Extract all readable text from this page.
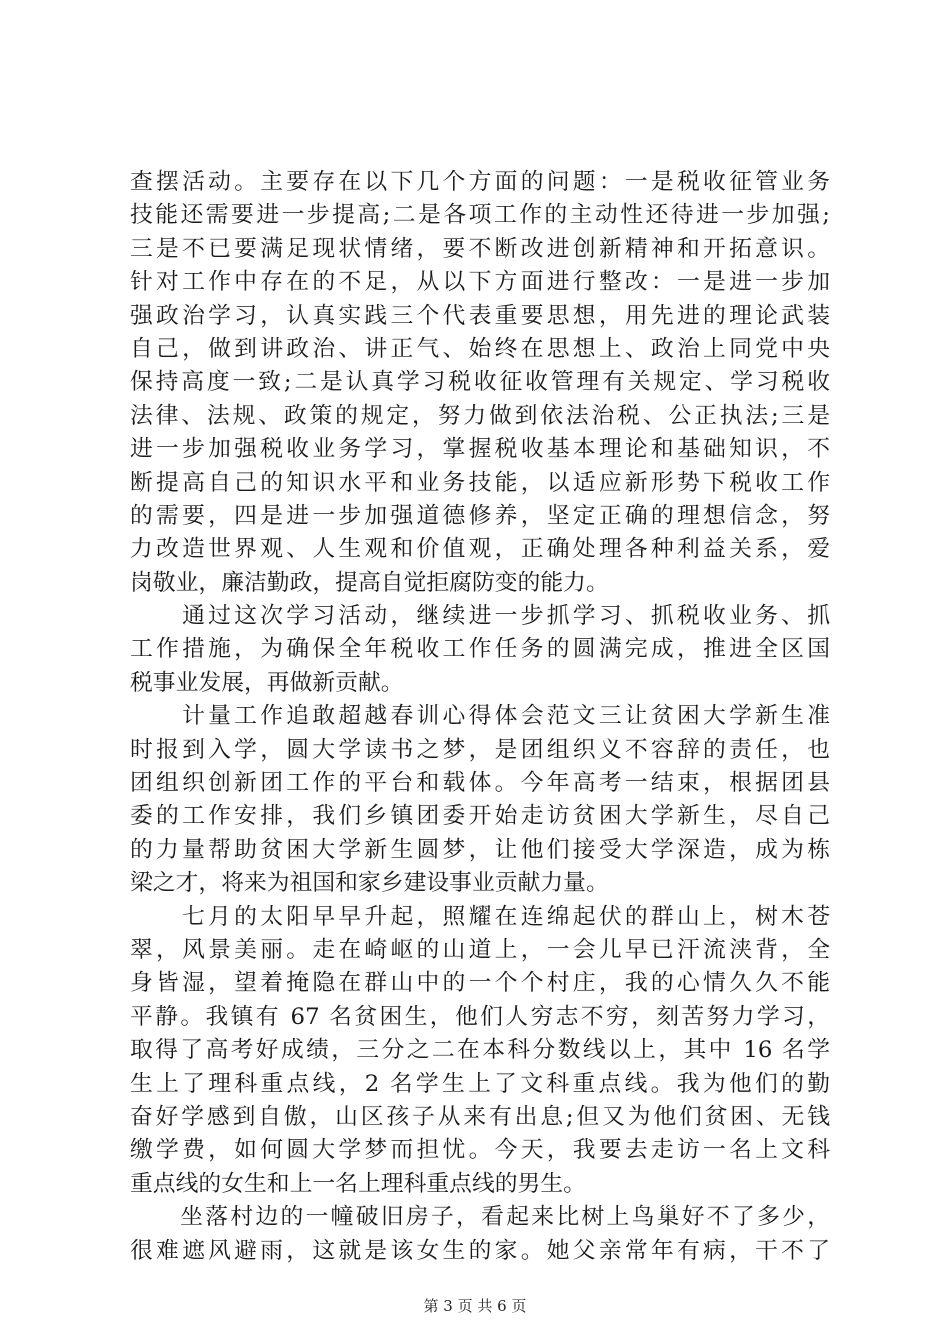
查摆活动。主要存在以下几个方面的问题：一是税收征管业务
技能还需要进一步提高;二是各项工作的主动性还待进一步加强;
三是不已要满足现状情绪，要不断改进创新精神和开拓意识。
针对工作中存在的不足，从以下方面进行整改：一是进一步加
强政治学习，认真实践三个代表重要思想，用先进的理论武装
自己，做到讲政治、讲正气、始终在思想上、政治上同党中央
保持高度一致;二是认真学习税收征收管理有关规定、学习税收
法律、法规、政策的规定，努力做到依法治税、公正执法;三是
进一步加强税收业务学习，掌握税收基本理论和基础知识，不
断提高自己的知识水平和业务技能，以适应新形势下税收工作
的需要，四是进一步加强道德修养，坚定正确的理想信念，努
力改造世界观、人生观和价值观，正确处理各种利益关系，爱
岗敬业，廉洁勤政，提高自觉拒腐防变的能力。
　　通过这次学习活动，继续进一步抓学习、抓税收业务、抓
工作措施，为确保全年税收工作任务的圆满完成，推进全区国
税事业发展，再做新贡献。
　　计量工作追敢超越春训心得体会范文三让贫困大学新生准
时报到入学，圆大学读书之梦，是团组织义不容辞的责任，也
团组织创新团工作的平台和载体。今年高考一结束，根据团县
委的工作安排，我们乡镇团委开始走访贫困大学新生，尽自己
的力量帮助贫困大学新生圆梦，让他们接受大学深造，成为栋
梁之才，将来为祖国和家乡建设事业贡献力量。
　　七月的太阳早早升起，照耀在连绵起伏的群山上，树木苍
翠，风景美丽。走在崎岖的山道上，一会儿早已汗流浃背，全
身皆湿，望着掩隐在群山中的一个个村庄，我的心情久久不能
平静。我镇有 67 名贫困生，他们人穷志不穷，刻苦努力学习，
取得了高考好成绩，三分之二在本科分数线以上，其中 16 名学
生上了理科重点线，2 名学生上了文科重点线。我为他们的勤
奋好学感到自傲，山区孩子从来有出息;但又为他们贫困、无钱
缴学费，如何圆大学梦而担忧。今天，我要去走访一名上文科
重点线的女生和上一名上理科重点线的男生。
　　坐落村边的一幢破旧房子，看起来比树上鸟巢好不了多少，
很难遮风避雨，这就是该女生的家。她父亲常年有病，干不了
第 3 页 共 6 页
